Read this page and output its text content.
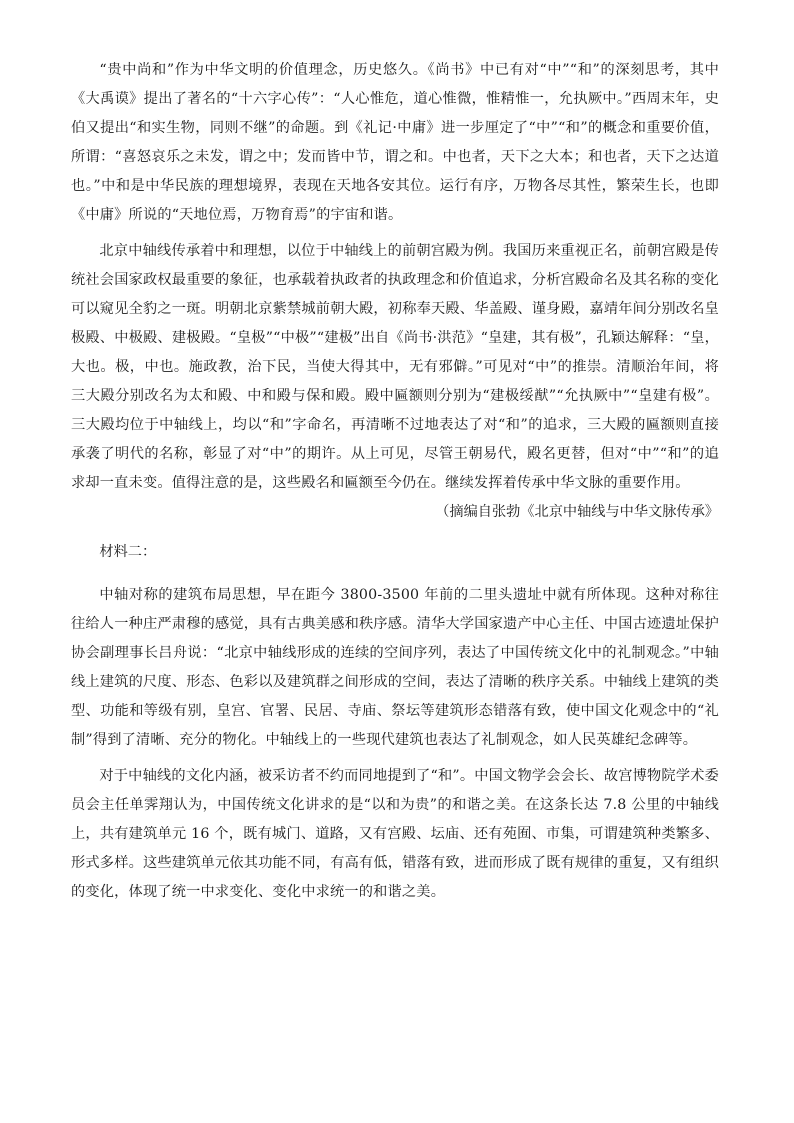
“贵中尚和”作为中华文明的价值理念，历史悠久。《尚书》中已有对“中”“和”的深刻思考，其中《大禹谟》提出了著名的“十六字心传”：“人心惟危，道心惟微，惟精惟一，允执厥中。”西周末年，史伯又提出“和实生物，同则不继”的命题。到《礼记·中庸》进一步厘定了“中”“和”的概念和重要价值，所谓：“喜怒哀乐之未发，谓之中；发而皆中节，谓之和。中也者，天下之大本；和也者，天下之达道也。”中和是中华民族的理想境界，表现在天地各安其位。运行有序，万物各尽其性，繁荣生长，也即《中庸》所说的“天地位焉，万物育焉”的宇宙和谐。

北京中轴线传承着中和理想，以位于中轴线上的前朝宫殿为例。我国历来重视正名，前朝宫殿是传统社会国家政权最重要的象征，也承载着执政者的执政理念和价值追求，分析宫殿命名及其名称的变化可以窥见全豹之一斑。明朝北京紫禁城前朝大殿，初称奉天殿、华盖殿、谨身殿，嘉靖年间分别改名皇极殿、中极殿、建极殿。“皇极”“中极”“建极”出自《尚书·洪范》“皇建，其有极”，孔颖达解释：“皇，大也。极，中也。施政教，治下民，当使大得其中，无有邪僻。”可见对“中”的推崇。清顺治年间，将三大殿分别改名为太和殿、中和殿与保和殿。殿中匾额则分别为“建极绥猷”“允执厥中”“皇建有极”。三大殿均位于中轴线上，均以“和”字命名，再清晰不过地表达了对“和”的追求，三大殿的匾额则直接承袭了明代的名称，彰显了对“中”的期许。从上可见，尽管王朝易代，殿名更替，但对“中”“和”的追求却一直未变。值得注意的是，这些殿名和匾额至今仍在。继续发挥着传承中华文脉的重要作用。

（摘编自张勃《北京中轴线与中华文脉传承》

材料二：

中轴对称的建筑布局思想，早在距今 3800-3500 年前的二里头遗址中就有所体现。这种对称往往给人一种庄严肃穆的感觉，具有古典美感和秩序感。清华大学国家遗产中心主任、中国古迹遗址保护协会副理事长吕舟说：“北京中轴线形成的连续的空间序列，表达了中国传统文化中的礼制观念。”中轴线上建筑的尺度、形态、色彩以及建筑群之间形成的空间，表达了清晰的秩序关系。中轴线上建筑的类型、功能和等级有别，皇宫、官署、民居、寺庙、祭坛等建筑形态错落有致，使中国文化观念中的“礼制”得到了清晰、充分的物化。中轴线上的一些现代建筑也表达了礼制观念，如人民英雄纪念碑等。

对于中轴线的文化内涵，被采访者不约而同地提到了“和”。中国文物学会会长、故宫博物院学术委员会主任单霁翔认为，中国传统文化讲求的是“以和为贵”的和谐之美。在这条长达 7.8 公里的中轴线上，共有建筑单元 16 个，既有城门、道路，又有宫殿、坛庙、还有苑囿、市集，可谓建筑种类繁多、形式多样。这些建筑单元依其功能不同，有高有低，错落有致，进而形成了既有规律的重复，又有组织的变化，体现了统一中求变化、变化中求统一的和谐之美。
